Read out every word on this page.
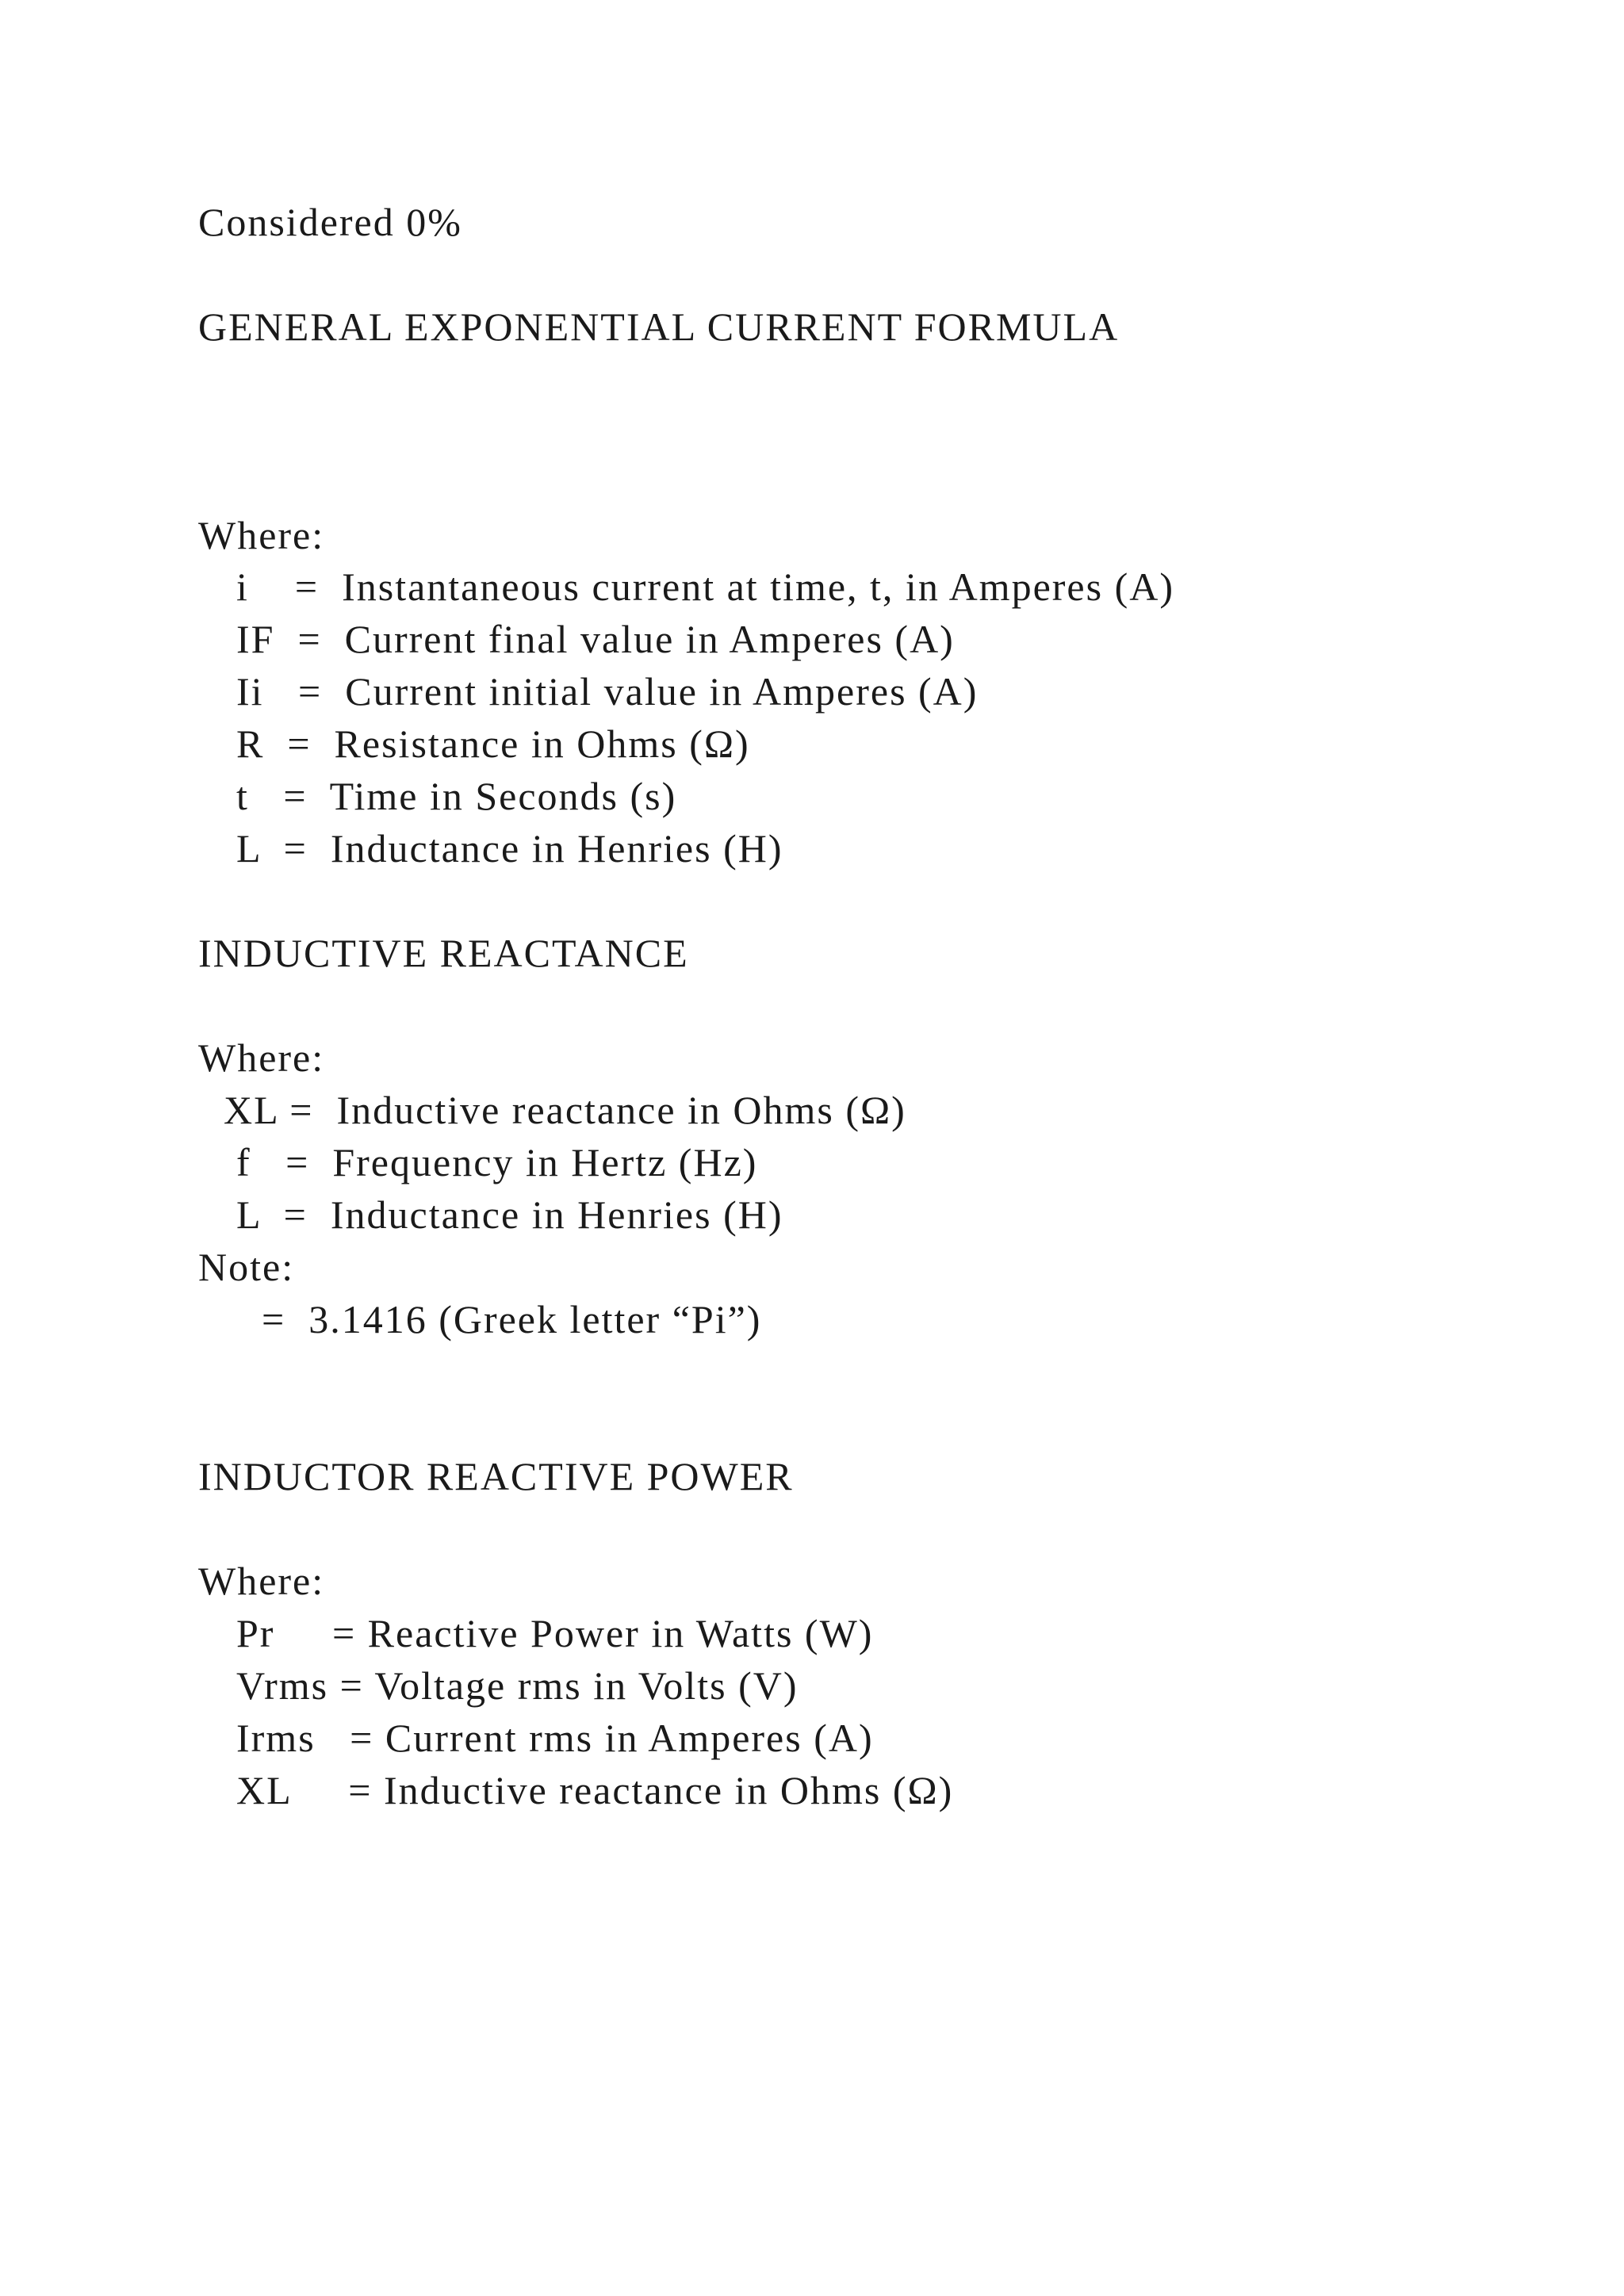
Considered 0%
GENERAL EXPONENTIAL CURRENT FORMULA
Where:
i    =  Instantaneous current at time, t, in Amperes (A)
IF  =  Current final value in Amperes (A)
Ii   =  Current initial value in Amperes (A)
R  =  Resistance in Ohms (Ω)
t   =  Time in Seconds (s)
L  =  Inductance in Henries (H)
INDUCTIVE REACTANCE
Where:
XL =  Inductive reactance in Ohms (Ω)
f   =  Frequency in Hertz (Hz)
L  =  Inductance in Henries (H)
Note:
=  3.1416 (Greek letter “Pi”)
INDUCTOR REACTIVE POWER
Where:
Pr     = Reactive Power in Watts (W)
Vrms = Voltage rms in Volts (V)
Irms   = Current rms in Amperes (A)
XL     = Inductive reactance in Ohms (Ω)
